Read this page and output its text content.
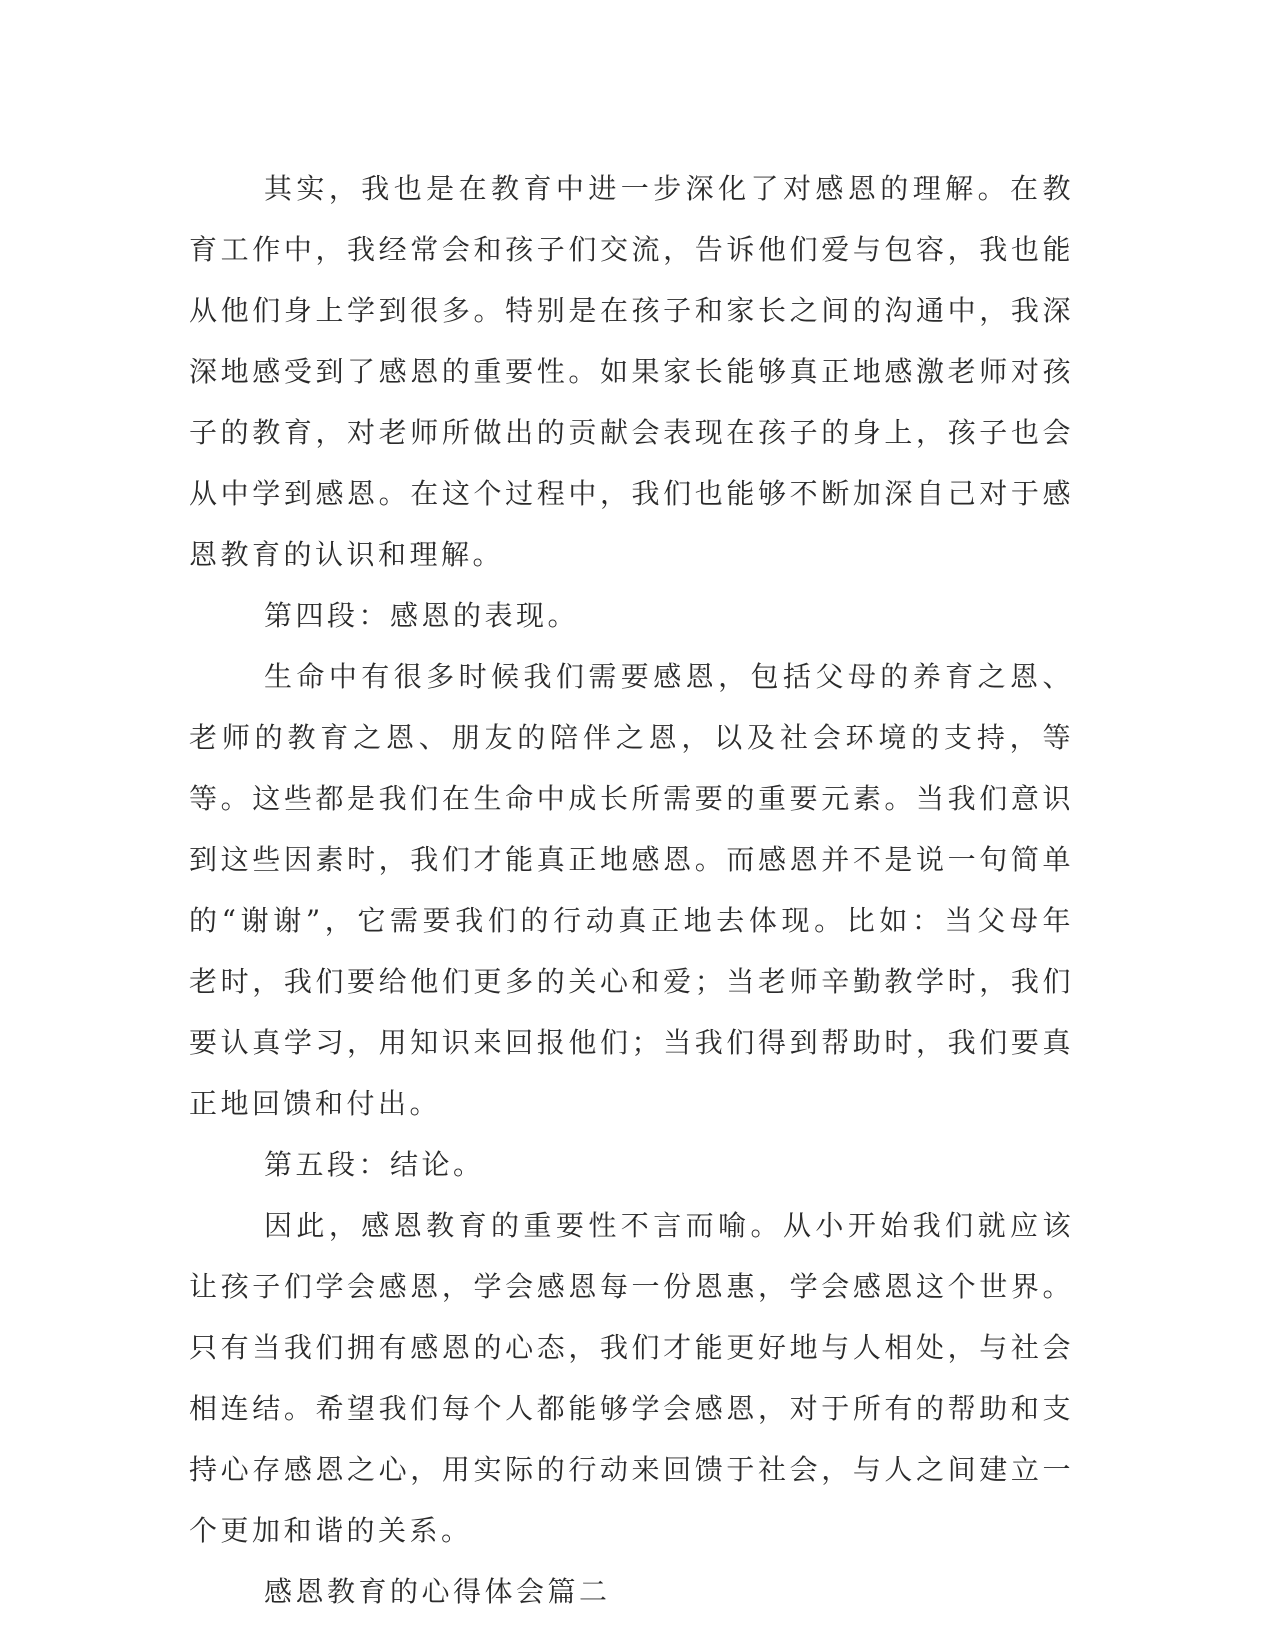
其实，我也是在教育中进一步深化了对感恩的理解。在教育工作中，我经常会和孩子们交流，告诉他们爱与包容，我也能从他们身上学到很多。特别是在孩子和家长之间的沟通中，我深深地感受到了感恩的重要性。如果家长能够真正地感激老师对孩子的教育，对老师所做出的贡献会表现在孩子的身上，孩子也会从中学到感恩。在这个过程中，我们也能够不断加深自己对于感恩教育的认识和理解。

第四段：感恩的表现。

生命中有很多时候我们需要感恩，包括父母的养育之恩、老师的教育之恩、朋友的陪伴之恩，以及社会环境的支持，等等。这些都是我们在生命中成长所需要的重要元素。当我们意识到这些因素时，我们才能真正地感恩。而感恩并不是说一句简单的“谢谢”，它需要我们的行动真正地去体现。比如：当父母年老时，我们要给他们更多的关心和爱；当老师辛勤教学时，我们要认真学习，用知识来回报他们；当我们得到帮助时，我们要真正地回馈和付出。

第五段：结论。

因此，感恩教育的重要性不言而喻。从小开始我们就应该让孩子们学会感恩，学会感恩每一份恩惠，学会感恩这个世界。只有当我们拥有感恩的心态，我们才能更好地与人相处，与社会相连结。希望我们每个人都能够学会感恩，对于所有的帮助和支持心存感恩之心，用实际的行动来回馈于社会，与人之间建立一个更加和谐的关系。

感恩教育的心得体会篇二
